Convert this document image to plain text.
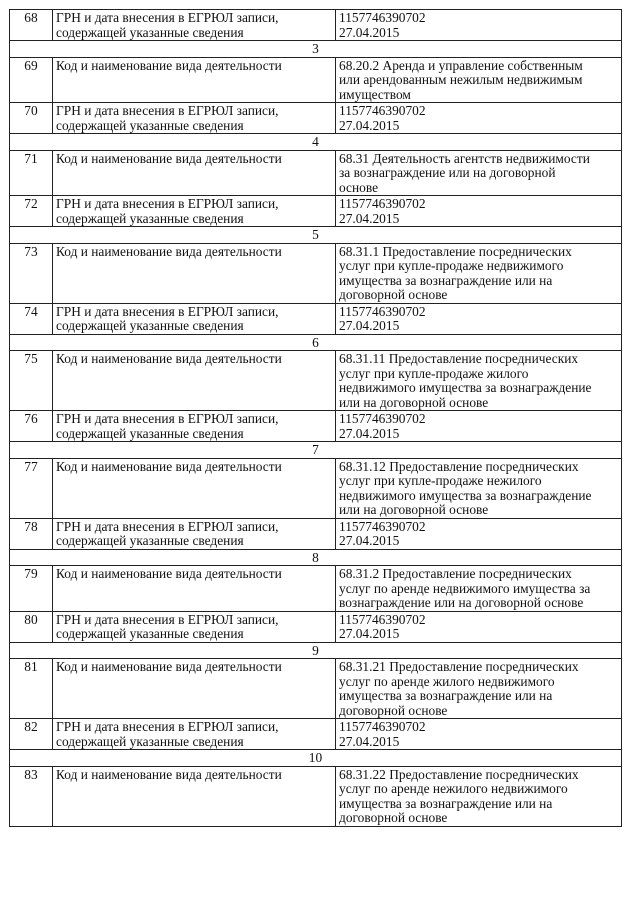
68	ГРН и дата внесения в ЕГРЮЛ записи,
содержащей указанные сведения	1157746390702
27.04.2015

3		
69	Код и наименование вида деятельности	68.20.2 Аренда и управление собственным
или арендованным нежилым недвижимым
имуществом

70	ГРН и дата внесения в ЕГРЮЛ записи,
содержащей указанные сведения	1157746390702
27.04.2015

4		
71	Код и наименование вида деятельности	68.31 Деятельность агентств недвижимости
за вознаграждение или на договорной
основе

72	ГРН и дата внесения в ЕГРЮЛ записи,
содержащей указанные сведения	1157746390702
27.04.2015

5		
73	Код и наименование вида деятельности	68.31.1 Предоставление посреднических
услуг при купле-продаже недвижимого
имущества за вознаграждение или на
договорной основе

74	ГРН и дата внесения в ЕГРЮЛ записи,
содержащей указанные сведения	1157746390702
27.04.2015

6		
75	Код и наименование вида деятельности	68.31.11 Предоставление посреднических
услуг при купле-продаже жилого
недвижимого имущества за вознаграждение
или на договорной основе

76	ГРН и дата внесения в ЕГРЮЛ записи,
содержащей указанные сведения	1157746390702
27.04.2015

7		
77	Код и наименование вида деятельности	68.31.12 Предоставление посреднических
услуг при купле-продаже нежилого
недвижимого имущества за вознаграждение
или на договорной основе

78	ГРН и дата внесения в ЕГРЮЛ записи,
содержащей указанные сведения	1157746390702
27.04.2015

8		
79	Код и наименование вида деятельности	68.31.2 Предоставление посреднических
услуг по аренде недвижимого имущества за
вознаграждение или на договорной основе

80	ГРН и дата внесения в ЕГРЮЛ записи,
содержащей указанные сведения	1157746390702
27.04.2015

9		
81	Код и наименование вида деятельности	68.31.21 Предоставление посреднических
услуг по аренде жилого недвижимого
имущества за вознаграждение или на
договорной основе

82	ГРН и дата внесения в ЕГРЮЛ записи,
содержащей указанные сведения	1157746390702
27.04.2015

10		
83	Код и наименование вида деятельности	68.31.22 Предоставление посреднических
услуг по аренде нежилого недвижимого
имущества за вознаграждение или на
договорной основе
